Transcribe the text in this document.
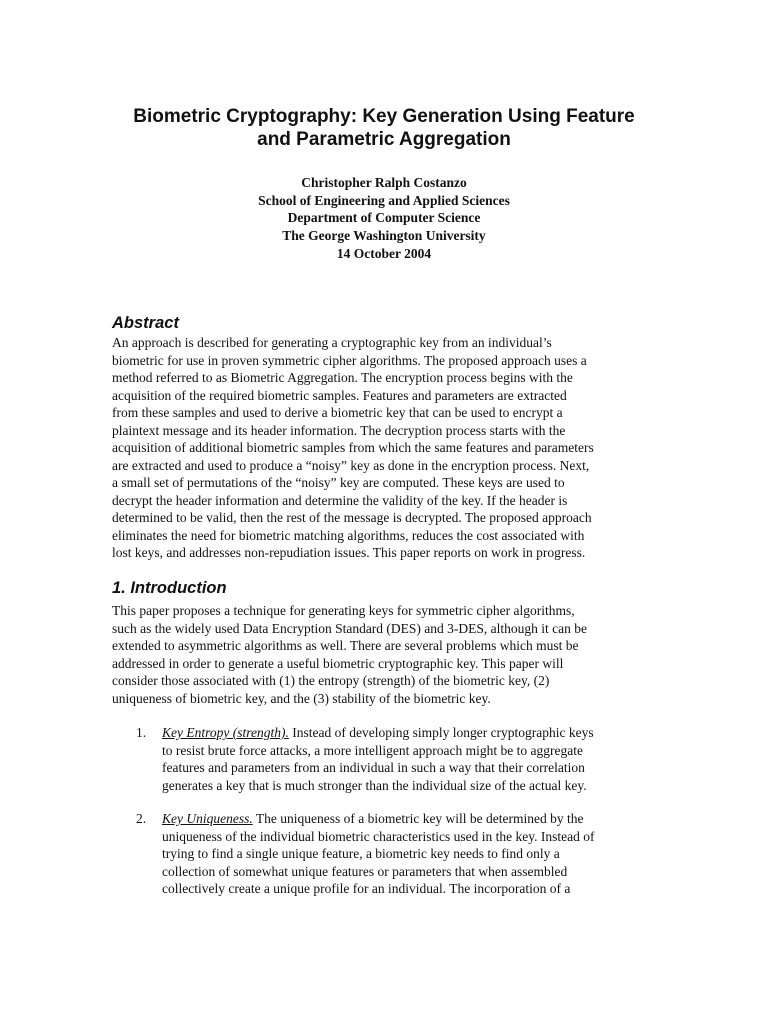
Biometric Cryptography: Key Generation Using Feature
and Parametric Aggregation
Christopher Ralph Costanzo
School of Engineering and Applied Sciences
Department of Computer Science
The George Washington University
14 October 2004
Abstract
An approach is described for generating a cryptographic key from an individual’s
biometric for use in proven symmetric cipher algorithms. The proposed approach uses a
method referred to as Biometric Aggregation. The encryption process begins with the
acquisition of the required biometric samples. Features and parameters are extracted
from these samples and used to derive a biometric key that can be used to encrypt a
plaintext message and its header information. The decryption process starts with the
acquisition of additional biometric samples from which the same features and parameters
are extracted and used to produce a “noisy” key as done in the encryption process. Next,
a small set of permutations of the “noisy” key are computed. These keys are used to
decrypt the header information and determine the validity of the key. If the header is
determined to be valid, then the rest of the message is decrypted. The proposed approach
eliminates the need for biometric matching algorithms, reduces the cost associated with
lost keys, and addresses non-repudiation issues. This paper reports on work in progress.
1. Introduction
This paper proposes a technique for generating keys for symmetric cipher algorithms,
such as the widely used Data Encryption Standard (DES) and 3-DES, although it can be
extended to asymmetric algorithms as well. There are several problems which must be
addressed in order to generate a useful biometric cryptographic key. This paper will
consider those associated with (1) the entropy (strength) of the biometric key, (2)
uniqueness of biometric key, and the (3) stability of the biometric key.
1. Key Entropy (strength). Instead of developing simply longer cryptographic keys
to resist brute force attacks, a more intelligent approach might be to aggregate
features and parameters from an individual in such a way that their correlation
generates a key that is much stronger than the individual size of the actual key.
2. Key Uniqueness. The uniqueness of a biometric key will be determined by the
uniqueness of the individual biometric characteristics used in the key. Instead of
trying to find a single unique feature, a biometric key needs to find only a
collection of somewhat unique features or parameters that when assembled
collectively create a unique profile for an individual. The incorporation of a
